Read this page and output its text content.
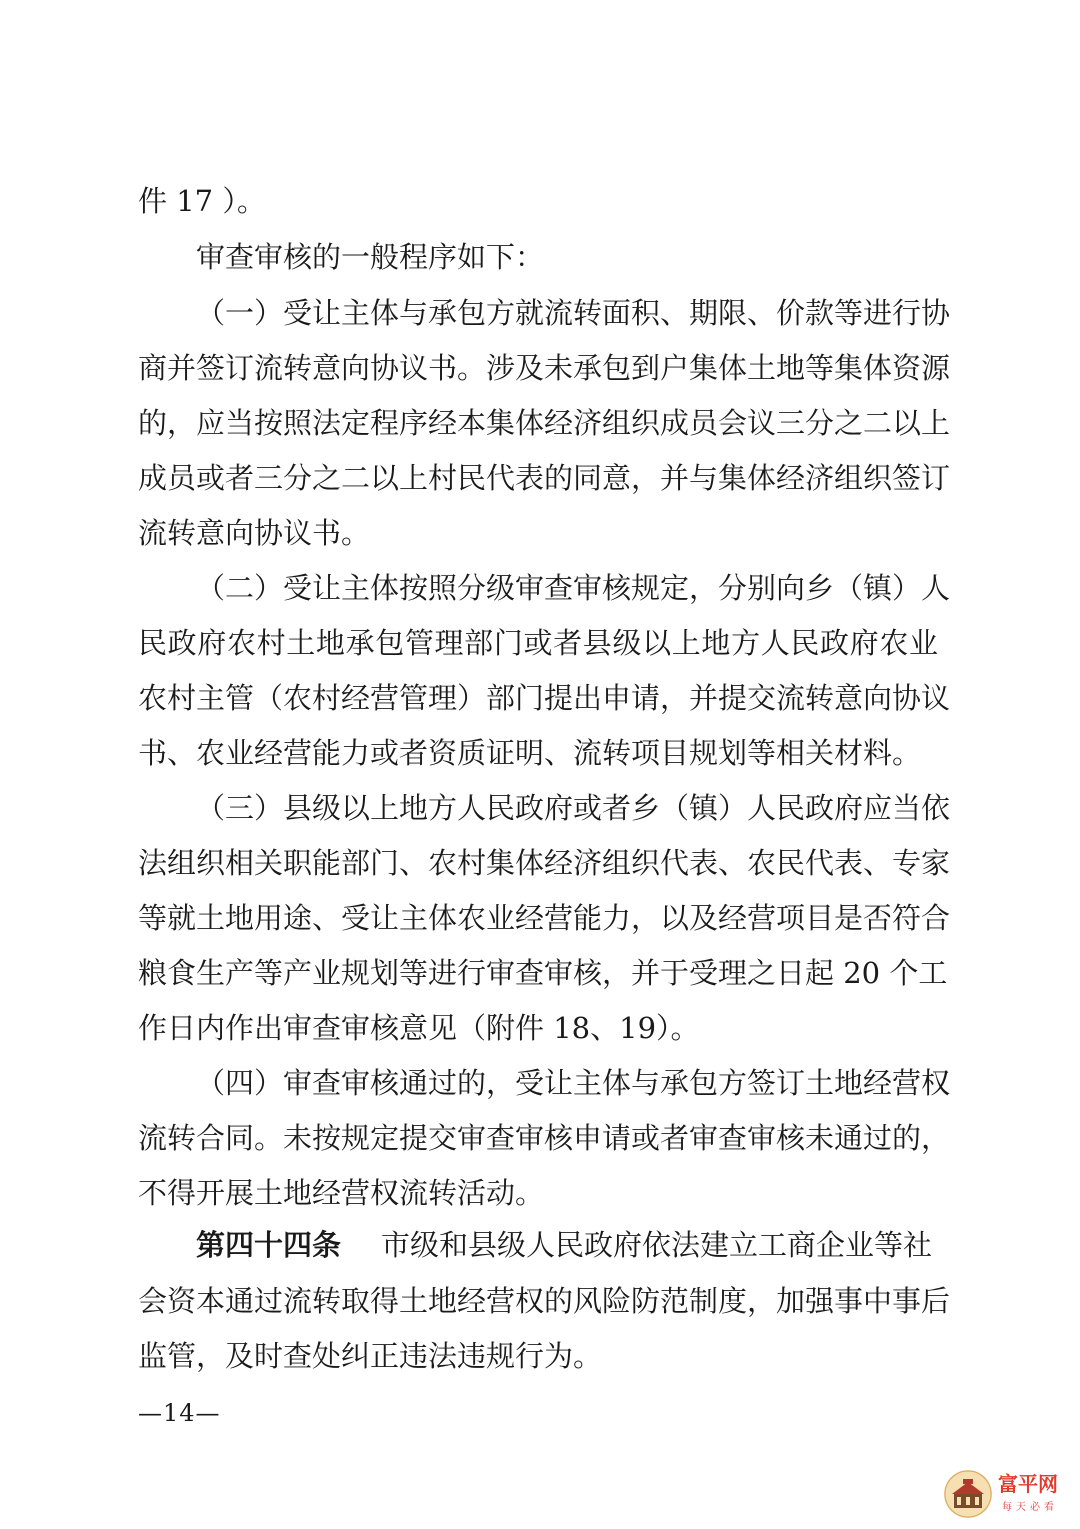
件 17 ）。
审查审核的一般程序如下：
（一）受让主体与承包方就流转面积、期限、价款等进行协
商并签订流转意向协议书。涉及未承包到户集体土地等集体资源
的，应当按照法定程序经本集体经济组织成员会议三分之二以上
成员或者三分之二以上村民代表的同意，并与集体经济组织签订
流转意向协议书。
（二）受让主体按照分级审查审核规定，分别向乡（镇）人
民政府农村土地承包管理部门或者县级以上地方人民政府农业
农村主管（农村经营管理）部门提出申请，并提交流转意向协议
书、农业经营能力或者资质证明、流转项目规划等相关材料。
（三）县级以上地方人民政府或者乡（镇）人民政府应当依
法组织相关职能部门、农村集体经济组织代表、农民代表、专家
等就土地用途、受让主体农业经营能力，以及经营项目是否符合
粮食生产等产业规划等进行审查审核，并于受理之日起 20 个工
作日内作出审查审核意见（附件 18、19）。
（四）审查审核通过的，受让主体与承包方签订土地经营权
流转合同。未按规定提交审查审核申请或者审查审核未通过的，
不得开展土地经营权流转活动。
第四十四条 市级和县级人民政府依法建立工商企业等社
会资本通过流转取得土地经营权的风险防范制度，加强事中事后
监管，及时查处纠正违法违规行为。
—14—
富平网
每天必看
